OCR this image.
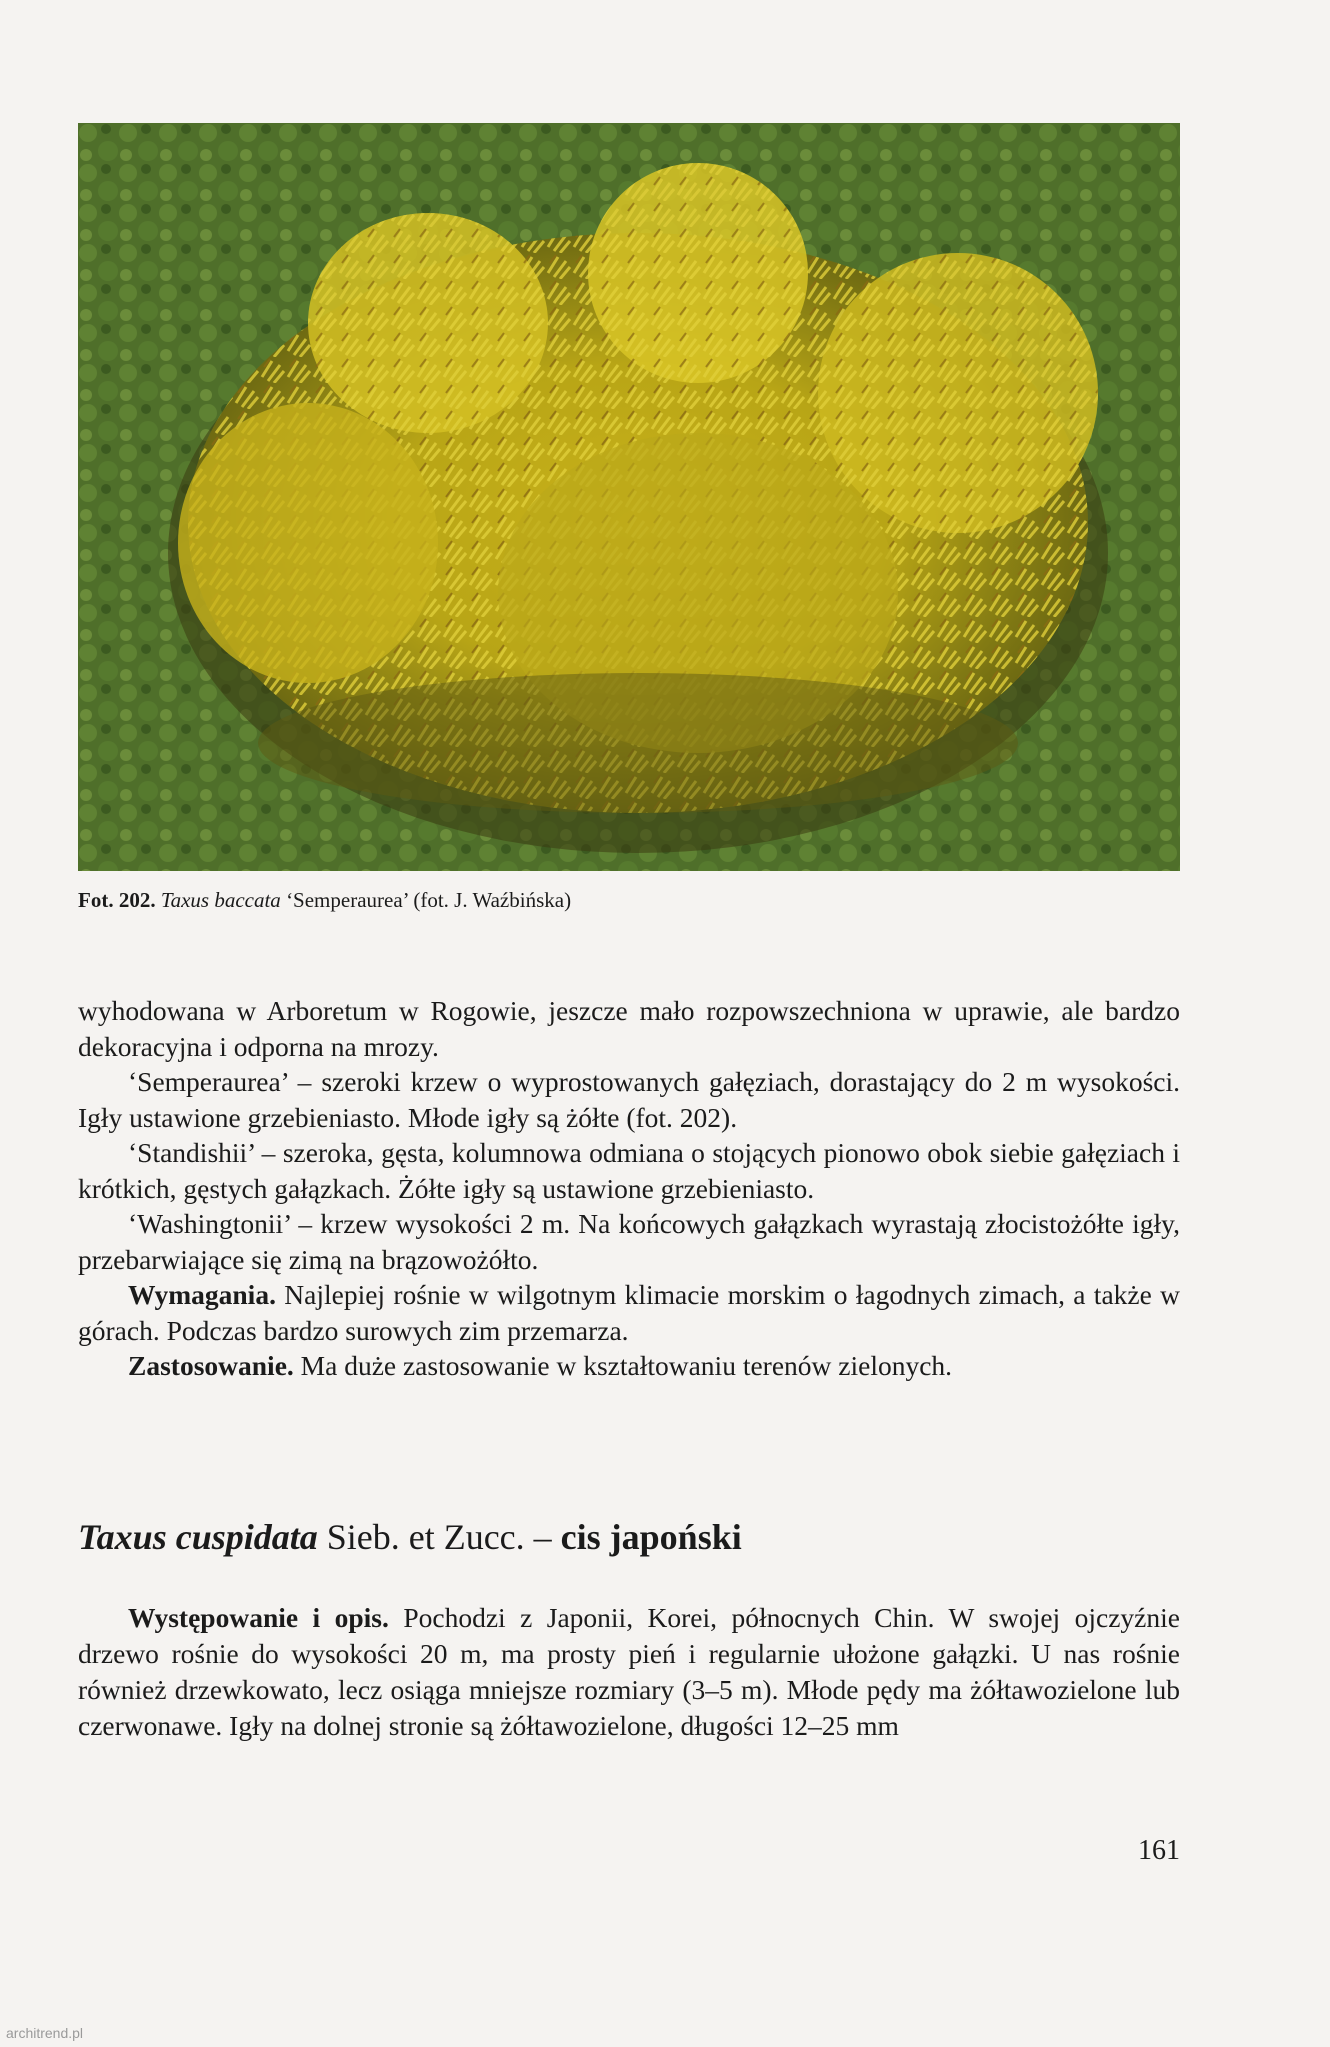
Fot. 202. Taxus baccata ‘Semperaurea’ (fot. J. Waźbińska)

wyhodowana w Arboretum w Rogowie, jeszcze mało rozpowszechniona w uprawie, ale bardzo dekoracyjna i odporna na mrozy.

‘Semperaurea’ – szeroki krzew o wyprostowanych gałęziach, dorastający do 2 m wysokości. Igły ustawione grzebieniasto. Młode igły są żółte (fot. 202).

‘Standishii’ – szeroka, gęsta, kolumnowa odmiana o stojących pionowo obok siebie gałęziach i krótkich, gęstych gałązkach. Żółte igły są ustawione grzebieniasto.

‘Washingtonii’ – krzew wysokości 2 m. Na końcowych gałązkach wyrastają złocistożółte igły, przebarwiające się zimą na brązowożółto.

Wymagania. Najlepiej rośnie w wilgotnym klimacie morskim o łagodnych zimach, a także w górach. Podczas bardzo surowych zim przemarza.

Zastosowanie. Ma duże zastosowanie w kształtowaniu terenów zielonych.

Taxus cuspidata Sieb. et Zucc. – cis japoński

Występowanie i opis. Pochodzi z Japonii, Korei, północnych Chin. W swojej ojczyźnie drzewo rośnie do wysokości 20 m, ma prosty pień i regularnie ułożone gałązki. U nas rośnie również drzewkowato, lecz osiąga mniejsze rozmiary (3–5 m). Młode pędy ma żółtawozielone lub czerwonawe. Igły na dolnej stronie są żółtawozielone, długości 12–25 mm

161
architrend.pl
